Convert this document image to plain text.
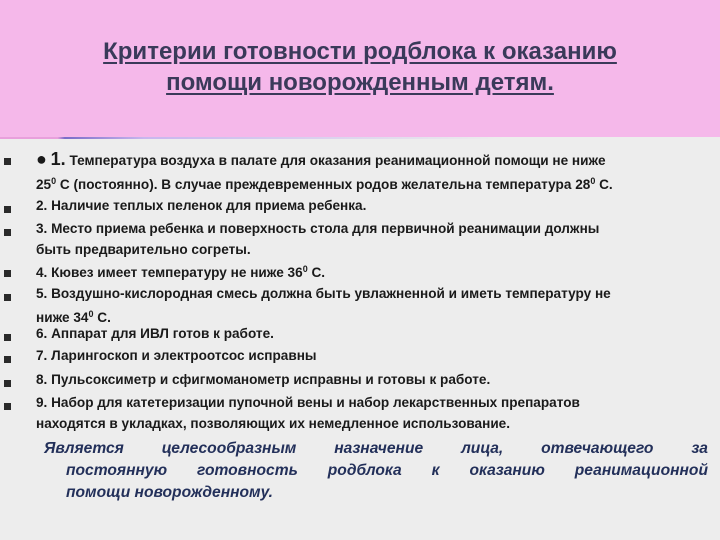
Критерии готовности родблока к оказанию
помощи новорожденным детям.
● 1. Температура воздуха в палате для оказания реанимационной помощи не ниже
$25^0$ С (постоянно). В случае преждевременных родов желательна температура $28^0$ С.
2. Наличие теплых пеленок для приема ребенка.
3. Место приема ребенка и поверхность стола для первичной реанимации должны
быть предварительно согреты.
4. Кювез имеет температуру не ниже $36^0$ С.
5. Воздушно-кислородная смесь должна быть увлажненной и иметь температуру не
ниже $34^0$ С.
6. Аппарат для ИВЛ готов к работе.
7. Ларингоскоп и электроотсос исправны
8. Пульсоксиметр и сфигмоманометр исправны и готовы к работе.
9. Набор для катетеризации пупочной вены и набор лекарственных препаратов
находятся в укладках, позволяющих их немедленное использование.
Является целесообразным назначение лица, отвечающего за
постоянную готовность родблока к оказанию реанимационной
помощи новорожденному.
